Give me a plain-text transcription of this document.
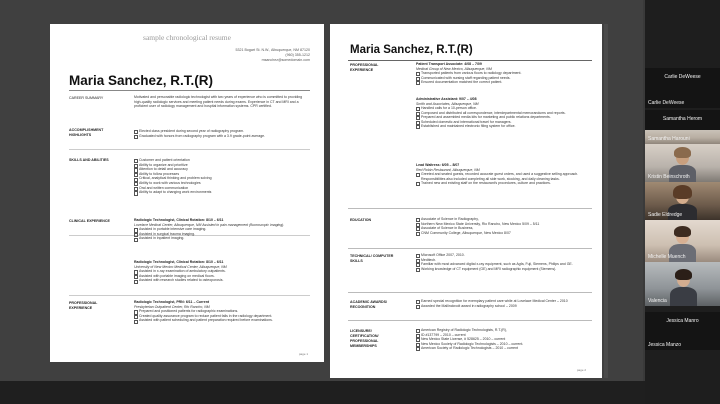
sample chronological resume
5321 Bogart St. N.W., Albuquerque, NM 87120
(960) 355-1212
msanchez@somedomain.com
Maria Sanchez, R.T.(R)
CAREER SUMMARY	Motivated and personable radiologic technologist with two years of experience who is committed to providing high-quality radiologic services and meeting patient needs during exams. Experience in CT and MRI and a proficient user of radiology management and hospital information systems. CPR certified.
ACCOMPLISHMENT HIGHLIGHTS
Elected class president during second year of radiography program.
Graduated with honors from radiography program with a 3.9 grade-point average.
SKILLS AND ABILITIES	Customer and patient orientation
Ability to organize and prioritize
Attention to detail and accuracy
Ability to follow processes
Critical, analytical thinking and problem solving
Ability to work with various technologies
Oral and written communication
Ability to adapt to changing work environments
CLINICAL EXPERIENCE	Radiologic Technologist, Clinical Rotation: 8/10 – 6/11
Lovelace Medical Center, Albuquerque, NM Assisted in pain management (fluoroscopic imaging).
Assisted in portable intensive care imaging.
Assisted in surgical trauma imaging.
Assisted in inpatient imaging.
Radiologic Technologist, Clinical Rotation: 8/10 – 6/11
University of New Mexico Medical Center, Albuquerque, NM
Assisted in x-ray examination of ambulatory outpatients.
Assisted with portable imaging on medical floors.
Assisted with research studies related to osteoporosis.
PROFESSIONAL EXPERIENCE
Radiologic Technologist, PRN: 6/11 – Current
Presbyterian Outpatient Center, Rio Rancho, NM
Prepared and positioned patients for radiographic examinations.
Created quality assurance program to reduce patient falls in the radiology department.
Assisted with patient scheduling and patient preparation required before examinations.
page 1
Maria Sanchez, R.T.(R)
PROFESSIONAL EXPERIENCE
Patient Transport Associate: 4/08 – 7/09
Medical Group of New Mexico, Albuquerque, NM
Transported patients from various floors to radiology department.
Communicated with nursing staff regarding patient needs.
Ensured documentation matched the correct patient.
Administrative Assistant: 9/07 – 4/08
Smith and Associates, Albuquerque, NM
Handled calls for a 10-person office.
Composed and distributed all correspondence, interdepartmental memorandums and reports.
Prepared and assembled media kits for marketing and public relations departments.
Scheduled domestic and international travel for managers.
Established and maintained electronic filing system for office.
Lead Waitress: 6/05 – 8/07
Red Robin Restaurant, Albuquerque, NM
Greeted and seated guests, recorded accurate guest orders, and used a suggestive selling approach. Responsibilities also included completing all side work, stocking, and daily cleaning tasks.
Trained new and existing staff on the restaurant's procedures, culture and practices.
EDUCATION	Associate of Science in Radiography,
Northern New Mexico State University, Rio Rancho, New Mexico 5/09 – 5/11
Associate of Science in Business,
CNM Community College, Albuquerque, New Mexico 8/07
TECHNICAL/ COMPUTER SKILLS
Microsoft Office 2007, 2010.
Meditech.
Familiar with most advanced digital x-ray equipment, such as Agfa, Fuji, Siemens, Philips and GE.
Working knowledge of CT equipment (GE) and MRI radiographic equipment (Siemens).
ACADEMIC AWARDS/ RECOGNITION
Earned special recognition for exemplary patient care while at Lovelace Medical Center – 2010
Awarded the Mallinckrodt award in radiography school – 2009
LICENSURE/ CERTIFICATION/ PROFESSIONAL MEMBERSHIPS
American Registry of Radiologic Technologists, R.T.(R),
ID #137799 – 2010 – current
New Mexico State License, # 528625 – 2010 – current
New Mexico Society of Radiologic Technologists – 2010 – current.
American Society of Radiologic Technologists – 2010 – current
page 2
Carlie DeWeese
Carlie DeWeese
Samantha Herom
Samantha Harouni
Kristin Beinschroth
Sadie Eldredge
Michelle Muench
Valencia
Jessica Manro
Jessica Manzo
